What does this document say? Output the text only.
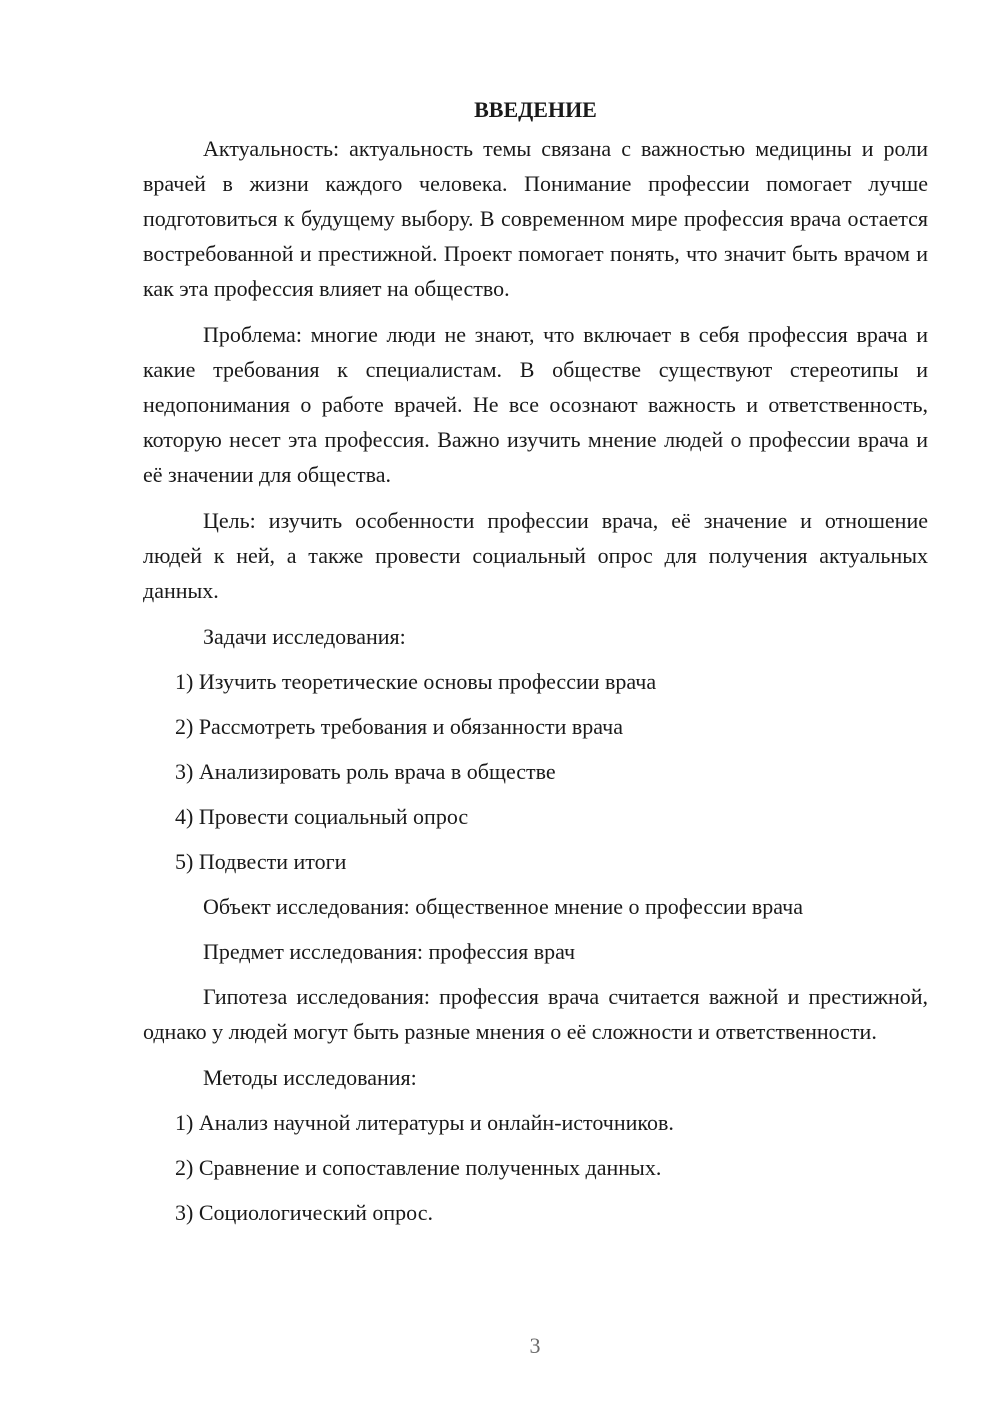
ВВЕДЕНИЕ

Актуальность: актуальность темы связана с важностью медицины и роли врачей в жизни каждого человека. Понимание профессии помогает лучше подготовиться к будущему выбору. В современном мире профессия врача остается востребованной и престижной. Проект помогает понять, что значит быть врачом и как эта профессия влияет на общество.

Проблема: многие люди не знают, что включает в себя профессия врача и какие требования к специалистам. В обществе существуют стереотипы и недопонимания о работе врачей. Не все осознают важность и ответственность, которую несет эта профессия. Важно изучить мнение людей о профессии врача и её значении для общества.

Цель: изучить особенности профессии врача, её значение и отношение людей к ней, а также провести социальный опрос для получения актуальных данных.

Задачи исследования:

1) Изучить теоретические основы профессии врача
2) Рассмотреть требования и обязанности врача
3) Анализировать роль врача в обществе
4) Провести социальный опрос
5) Подвести итоги

Объект исследования: общественное мнение о профессии врача

Предмет исследования: профессия врач

Гипотеза исследования: профессия врача считается важной и престижной, однако у людей могут быть разные мнения о её сложности и ответственности.

Методы исследования:

1) Анализ научной литературы и онлайн-источников.
2) Сравнение и сопоставление полученных данных.
3) Социологический опрос.
3
